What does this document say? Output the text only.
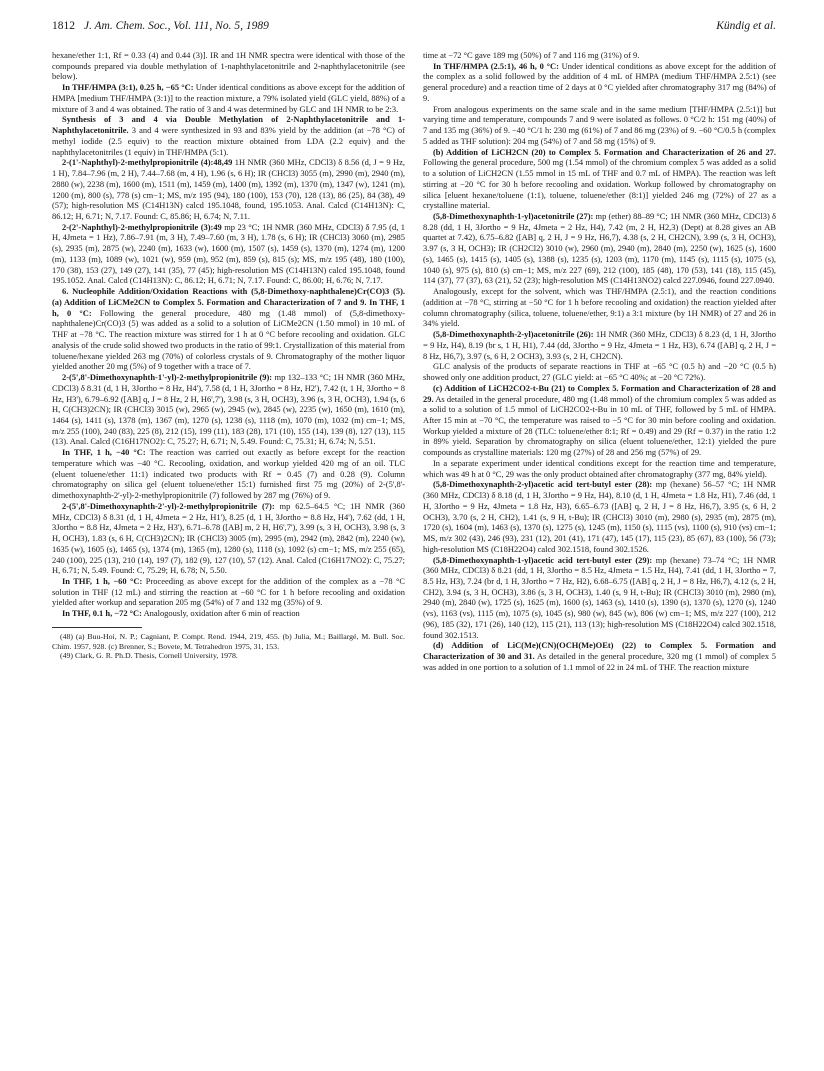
1812 J. Am. Chem. Soc., Vol. 111, No. 5, 1989	Kündig et al.

hexane/ether 1:1, Rf = 0.33 (4) and 0.44 (3)]. IR and 1H NMR spectra were identical with those of the compounds prepared via double methylation of 1-naphthylacetonitrile and 2-naphthylacetonitrile (see below).

In THF/HMPA (3:1), 0.25 h, −65 °C: Under identical conditions as above except for the addition of HMPA [medium THF/HMPA (3:1)] to the reaction mixture, a 79% isolated yield (GLC yield, 88%) of a mixture of 3 and 4 was obtained. The ratio of 3 and 4 was determined by GLC and 1H NMR to be 2:3.

Synthesis of 3 and 4 via Double Methylation of 2-Naphthylacetonitrile and 1-Naphthylacetonitrile. 3 and 4 were synthesized in 93 and 83% yield by the addition (at −78 °C) of methyl iodide (2.5 equiv) to the reaction mixture obtained from LDA (2.2 equiv) and the naphthylacetonitriles (1 equiv) in THF/HMPA (5:1).

2-(1'-Naphthyl)-2-methylpropionitrile (4):48,49 1H NMR (360 MHz, CDCl3) δ 8.56 (d, J = 9 Hz, 1 H), 7.84–7.96 (m, 2 H), 7.44–7.68 (m, 4 H), 1.96 (s, 6 H); IR (CHCl3) 3055 (m), 2990 (m), 2940 (m), 2880 (w), 2238 (m), 1600 (m), 1511 (m), 1459 (m), 1400 (m), 1392 (m), 1370 (m), 1347 (w), 1241 (m), 1200 (m), 800 (s), 778 (s) cm−1; MS, m/z 195 (94), 180 (100), 153 (70), 128 (13), 86 (25), 84 (38), 49 (57); high-resolution MS (C14H13N) calcd 195.1048, found, 195.1053. Anal. Calcd (C14H13N): C, 86.12; H, 6.71; N, 7.17. Found: C, 85.86; H, 6.74; N, 7.11.

2-(2'-Naphthyl)-2-methylpropionitrile (3):49 mp 23 °C; 1H NMR (360 MHz, CDCl3) δ 7.95 (d, 1 H, 4Jmeta = 1 Hz), 7.86–7.91 (m, 3 H), 7.49–7.60 (m, 3 H), 1.78 (s, 6 H); IR (CHCl3) 3060 (m), 2985 (s), 2935 (m), 2875 (w), 2240 (m), 1633 (w), 1600 (m), 1507 (s), 1459 (s), 1370 (m), 1274 (m), 1200 (m), 1133 (m), 1089 (w), 1021 (w), 959 (m), 952 (m), 859 (s), 815 (s); MS, m/z 195 (48), 180 (100), 170 (38), 153 (27), 149 (27), 141 (35), 77 (45); high-resolution MS (C14H13N) calcd 195.1048, found 195.1052. Anal. Calcd (C14H13N): C, 86.12; H, 6.71; N, 7.17. Found: C, 86.00; H, 6.76; N, 7.17.

6. Nucleophile Addition/Oxidation Reactions with (5,8-Dimethoxy-naphthalene)Cr(CO)3 (5). (a) Addition of LiCMe2CN to Complex 5. Formation and Characterization of 7 and 9. In THF, 1 h, 0 °C: Following the general procedure, 480 mg (1.48 mmol) of (5,8-dimethoxy-naphthalene)Cr(CO)3 (5) was added as a solid to a solution of LiCMe2CN (1.50 mmol) in 10 mL of THF at −78 °C. The reaction mixture was stirred for 1 h at 0 °C before recooling and oxidation. GLC analysis of the crude solid showed two products in the ratio of 99:1. Crystallization of this material from toluene/hexane yielded 263 mg (70%) of colorless crystals of 9. Chromatography of the mother liquor yielded another 20 mg (5%) of 9 together with a trace of 7.

2-(5',8'-Dimethoxynaphth-1'-yl)-2-methylpropionitrile (9): mp 132–133 °C; 1H NMR (360 MHz, CDCl3) δ 8.31 (d, 1 H, 3Jortho = 8 Hz, H4'), 7.58 (d, 1 H, 3Jortho = 8 Hz, H2'), 7.42 (t, 1 H, 3Jortho = 8 Hz, H3'), 6.79–6.92 ([AB] q, J = 8 Hz, 2 H, H6',7'), 3.98 (s, 3 H, OCH3), 3.96 (s, 3 H, OCH3), 1.94 (s, 6 H, C(CH3)2CN); IR (CHCl3) 3015 (w), 2965 (w), 2945 (w), 2845 (w), 2235 (w), 1650 (m), 1610 (m), 1464 (s), 1411 (s), 1378 (m), 1367 (m), 1270 (s), 1238 (s), 1118 (m), 1070 (m), 1032 (m) cm−1; MS, m/z 255 (100), 240 (83), 225 (8), 212 (15), 199 (11), 183 (28), 171 (10), 155 (14), 139 (8), 127 (13), 115 (13). Anal. Calcd (C16H17NO2): C, 75.27; H, 6.71; N, 5.49. Found: C, 75.31; H, 6.74; N, 5.51.

In THF, 1 h, −40 °C: The reaction was carried out exactly as before except for the reaction temperature which was −40 °C. Recooling, oxidation, and workup yielded 420 mg of an oil. TLC (eluent toluene/ether 11:1) indicated two products with Rf = 0.45 (7) and 0.28 (9). Column chromatography on silica gel (eluent toluene/ether 15:1) furnished first 75 mg (20%) of 2-(5',8'-dimethoxynaphth-2'-yl)-2-methylpropionitrile (7) followed by 287 mg (76%) of 9.

2-(5',8'-Dimethoxynaphth-2'-yl)-2-methylpropionitrile (7): mp 62.5–64.5 °C; 1H NMR (360 MHz, CDCl3) δ 8.31 (d, 1 H, 4Jmeta = 2 Hz, H1'), 8.25 (d, 1 H, 3Jortho = 8.8 Hz, H4'), 7.62 (dd, 1 H, 3Jortho = 8.8 Hz, 4Jmeta = 2 Hz, H3'), 6.71–6.78 ([AB] m, 2 H, H6',7'), 3.99 (s, 3 H, OCH3), 3.98 (s, 3 H, OCH3), 1.83 (s, 6 H, C(CH3)2CN); IR (CHCl3) 3005 (m), 2995 (m), 2942 (m), 2842 (m), 2240 (w), 1635 (w), 1605 (s), 1465 (s), 1374 (m), 1365 (m), 1280 (s), 1118 (s), 1092 (s) cm−1; MS, m/z 255 (65), 240 (100), 225 (13), 210 (14), 197 (7), 182 (9), 127 (10), 57 (12). Anal. Calcd (C16H17NO2): C, 75.27; H, 6.71; N, 5.49. Found: C, 75.29; H, 6.78; N, 5.50.

In THF, 1 h, −60 °C: Proceeding as above except for the addition of the complex as a −78 °C solution in THF (12 mL) and stirring the reaction at −60 °C for 1 h before recooling and oxidation yielded after workup and separation 205 mg (54%) of 7 and 132 mg (35%) of 9.

In THF, 0.1 h, −72 °C: Analogously, oxidation after 6 min of reaction

(48) (a) Buu-Hoi, N. P.; Cagniant, P. Compt. Rend. 1944, 219, 455. (b) Julia, M.; Baillargé, M. Bull. Soc. Chim. 1957, 928. (c) Brenner, S.; Bovete, M. Tetrahedron 1975, 31, 153.

(49) Clark, G. R. Ph.D. Thesis, Cornell University, 1978.

time at −72 °C gave 189 mg (50%) of 7 and 116 mg (31%) of 9.

In THF/HMPA (2.5:1), 46 h, 0 °C: Under identical conditions as above except for the addition of the complex as a solid followed by the addition of 4 mL of HMPA (medium THF/HMPA 2.5:1) (see general procedure) and a reaction time of 2 days at 0 °C yielded after chromatography 317 mg (84%) of 9.

From analogous experiments on the same scale and in the same medium [THF/HMPA (2.5:1)] but varying time and temperature, compounds 7 and 9 were isolated as follows. 0 °C/2 h: 151 mg (40%) of 7 and 135 mg (36%) of 9. −40 °C/1 h: 230 mg (61%) of 7 and 86 mg (23%) of 9. −60 °C/0.5 h (complex 5 added as THF solution): 204 mg (54%) of 7 and 58 mg (15%) of 9.

(b) Addition of LiCH2CN (20) to Complex 5. Formation and Characterization of 26 and 27. Following the general procedure, 500 mg (1.54 mmol) of the chromium complex 5 was added as a solid to a solution of LiCH2CN (1.55 mmol in 15 mL of THF and 0.7 mL of HMPA). The reaction was left stirring at −20 °C for 30 h before recooling and oxidation. Workup followed by chromatography on silica [eluent hexane/toluene (1:1), toluene, toluene/ether (8:1)] yielded 246 mg (72%) of 27 as a crystalline material.

(5,8-Dimethoxynaphth-1-yl)acetonitrile (27): mp (ether) 88–89 °C; 1H NMR (360 MHz, CDCl3) δ 8.28 (dd, 1 H, 3Jortho = 9 Hz, 4Jmeta = 2 Hz, H4), 7.42 (m, 2 H, H2,3) (Dept) at 8.28 gives an AB quartet at 7.42), 6.75–6.82 ([AB] q, 2 H, J = 9 Hz, H6,7), 4.38 (s, 2 H, CH2CN), 3.99 (s, 3 H, OCH3), 3.97 (s, 3 H, OCH3); IR (CH2Cl2) 3010 (w), 2960 (m), 2940 (m), 2840 (m), 2250 (w), 1625 (s), 1600 (s), 1465 (s), 1415 (s), 1405 (s), 1388 (s), 1235 (s), 1203 (m), 1170 (m), 1145 (s), 1115 (s), 1075 (s), 1040 (s), 975 (s), 810 (s) cm−1; MS, m/z 227 (69), 212 (100), 185 (48), 170 (53), 141 (18), 115 (45), 114 (37), 77 (37), 63 (21), 52 (23); high-resolution MS (C14H13NO2) calcd 227.0946, found 227.0940.

Analogously, except for the solvent, which was THF/HMPA (2.5:1), and the reaction conditions (addition at −78 °C, stirring at −50 °C for 1 h before recooling and oxidation) the reaction yielded after column chromatography (silica, toluene, toluene/ether, 9:1) a 3:1 mixture (by 1H NMR) of 27 and 26 in 34% yield.

(5,8-Dimethoxynaphth-2-yl)acetonitrile (26): 1H NMR (360 MHz, CDCl3) δ 8.23 (d, 1 H, 3Jortho = 9 Hz, H4), 8.19 (br s, 1 H, H1), 7.44 (dd, 3Jortho = 9 Hz, 4Jmeta = 1 Hz, H3), 6.74 ([AB] q, 2 H, J = 8 Hz, H6,7), 3.97 (s, 6 H, 2 OCH3), 3.93 (s, 2 H, CH2CN).

GLC analysis of the products of separate reactions in THF at −65 °C (0.5 h) and −20 °C (0.5 h) showed only one addition product, 27 (GLC yield: at −65 °C 40%; at −20 °C 72%).

(c) Addition of LiCH2CO2-t-Bu (21) to Complex 5. Formation and Characterization of 28 and 29. As detailed in the general procedure, 480 mg (1.48 mmol) of the chromium complex 5 was added as a solid to a solution of 1.5 mmol of LiCH2CO2-t-Bu in 10 mL of THF, followed by 5 mL of HMPA. After 15 min at −70 °C, the temperature was raised to −5 °C for 30 min before cooling and oxidation. Workup yielded a mixture of 28 (TLC: toluene/ether 8:1; Rf = 0.49) and 29 (Rf = 0.37) in the ratio 1:2 in 89% yield. Separation by chromatography on silica (eluent toluene/ether, 12:1) yielded the pure compounds as crystalline materials: 120 mg (27%) of 28 and 256 mg (57%) of 29.

In a separate experiment under identical conditions except for the reaction time and temperature, which was 49 h at 0 °C, 29 was the only product obtained after chromatography (377 mg, 84% yield).

(5,8-Dimethoxynaphth-2-yl)acetic acid tert-butyl ester (28): mp (hexane) 56–57 °C; 1H NMR (360 MHz, CDCl3) δ 8.18 (d, 1 H, 3Jortho = 9 Hz, H4), 8.10 (d, 1 H, 4Jmeta = 1.8 Hz, H1), 7.46 (dd, 1 H, 3Jortho = 9 Hz, 4Jmeta = 1.8 Hz, H3), 6.65–6.73 ([AB] q, 2 H, J = 8 Hz, H6,7), 3.95 (s, 6 H, 2 OCH3), 3.70 (s, 2 H, CH2), 1.41 (s, 9 H, t-Bu); IR (CHCl3) 3010 (m), 2980 (s), 2935 (m), 2875 (m), 1720 (s), 1604 (m), 1463 (s), 1370 (s), 1275 (s), 1245 (m), 1150 (s), 1115 (vs), 1100 (s), 910 (vs) cm−1; MS, m/z 302 (43), 246 (93), 231 (12), 201 (41), 171 (47), 145 (17), 115 (23), 85 (67), 83 (100), 56 (73); high-resolution MS (C18H22O4) calcd 302.1518, found 302.1526.

(5,8-Dimethoxynaphth-1-yl)acetic acid tert-butyl ester (29): mp (hexane) 73–74 °C; 1H NMR (360 MHz, CDCl3) δ 8.21 (dd, 1 H, 3Jortho = 8.5 Hz, 4Jmeta = 1.5 Hz, H4), 7.41 (dd, 1 H, 3Jortho = 7, 8.5 Hz, H3), 7.24 (br d, 1 H, 3Jortho = 7 Hz, H2), 6.68–6.75 ([AB] q, 2 H, J = 8 Hz, H6,7), 4.12 (s, 2 H, CH2), 3.94 (s, 3 H, OCH3), 3.86 (s, 3 H, OCH3), 1.40 (s, 9 H, t-Bu); IR (CHCl3) 3010 (m), 2980 (m), 2940 (m), 2840 (w), 1725 (s), 1625 (m), 1600 (s), 1463 (s), 1410 (s), 1390 (s), 1370 (s), 1270 (s), 1240 (vs), 1163 (vs), 1115 (m), 1075 (s), 1045 (s), 980 (w), 845 (w), 806 (w) cm−1; MS, m/z 227 (100), 212 (96), 185 (32), 171 (26), 140 (12), 115 (21), 113 (13); high-resolution MS (C18H22O4) calcd 302.1518, found 302.1513.

(d) Addition of LiC(Me)(CN)(OCH(Me)OEt) (22) to Complex 5. Formation and Characterization of 30 and 31. As detailed in the general procedure, 320 mg (1 mmol) of complex 5 was added in one portion to a solution of 1.1 mmol of 22 in 24 mL of THF. The reaction mixture
